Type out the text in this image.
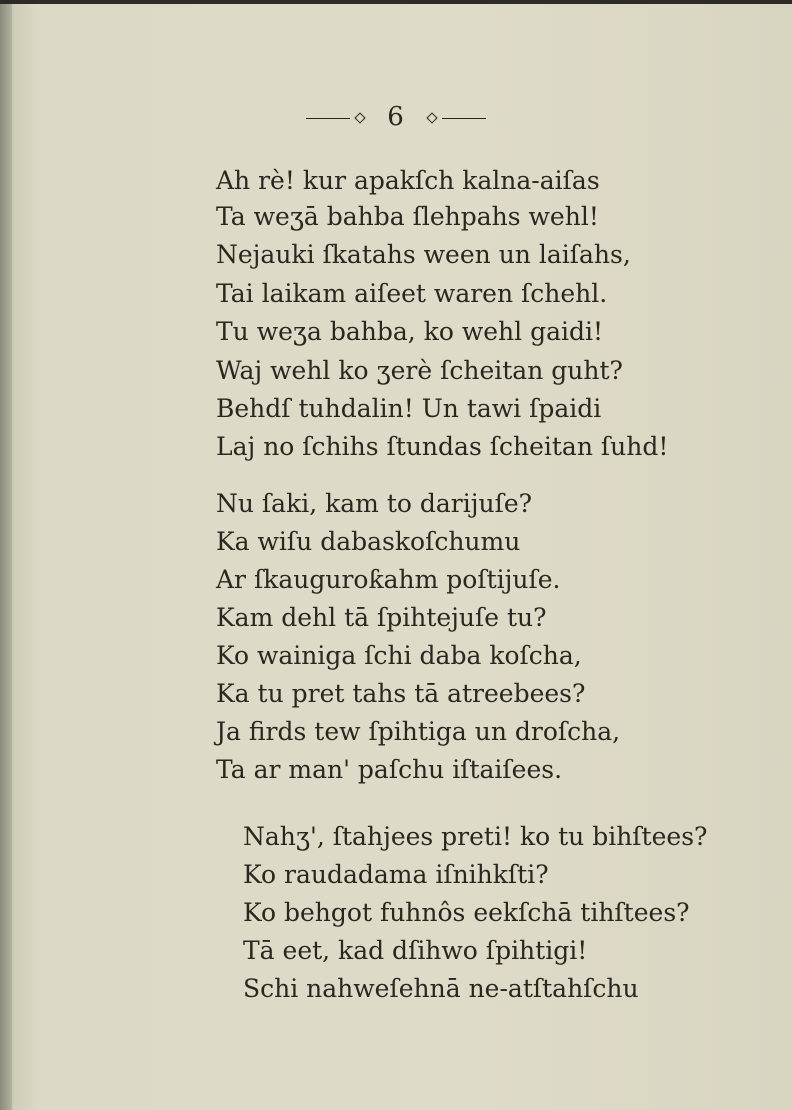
6
Ah rè! kur apakſch kalna-aiſas
Ta weʒā bahba ſlehpahs wehl!
Nejauki ſkatahs ween un laiſahs,
Tai laikam aiſeet waren ſchehl.
Tu weʒa bahba, ko wehl gaidi!
Waj wehl ko ʒerè ſcheitan guht?
Behdſ tuhdalin! Un tawi ſpaidi
Laj no ſchihs ſtundas ſcheitan ſuhd!
Nu ſaki, kam to darijuſe?
Ka wiſu dabaskoſchumu
Ar ſkauguroƙahm poſtijuſe.
Kam dehl tā ſpihtejuſe tu?
Ko wainiga ſchi daba koſcha,
Ka tu pret tahs tā atreebees?
Ja firds tew ſpihtiga un droſcha,
Ta ar man' paſchu iſtaiſees.
Nahʒ', ſtahjees preti! ko tu bihſtees?
Ko raudadama iſnihkſti?
Ko behgot fuhnôs eekſchā tihſtees?
Tā eet, kad dſihwo ſpihtigi!
Schi nahweſehnā ne-atſtahſchu
